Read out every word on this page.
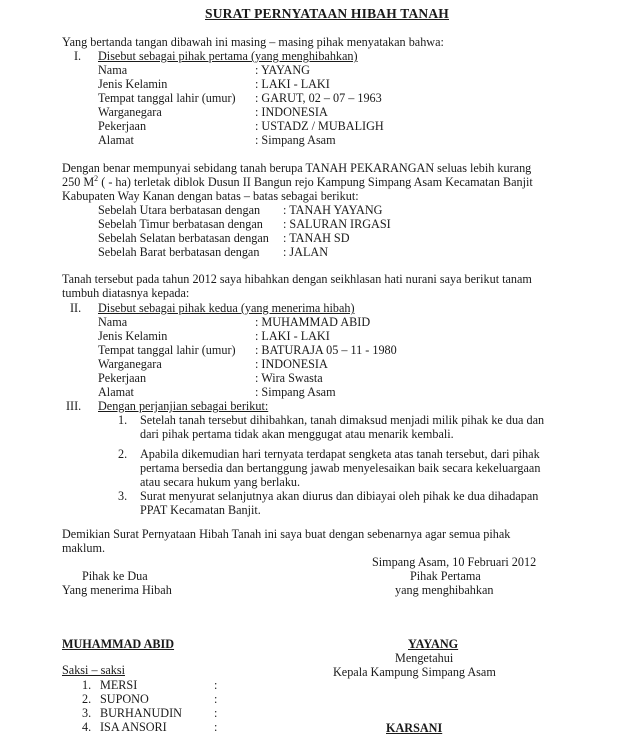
SURAT PERNYATAAN HIBAH TANAH
Yang bertanda tangan dibawah ini masing – masing pihak menyatakan bahwa:
I. Disebut sebagai pihak pertama (yang menghibahkan)
Nama	: YAYANG
Jenis Kelamin	: LAKI - LAKI
Tempat tanggal lahir (umur) : GARUT, 02 – 07 – 1963
Warganegara	: INDONESIA
Pekerjaan	: USTADZ / MUBALIGH
Alamat	: Simpang Asam
Dengan benar mempunyai sebidang tanah berupa TANAH PEKARANGAN seluas lebih kurang
250 $M^2$ ( - ha) terletak diblok Dusun II Bangun rejo Kampung Simpang Asam Kecamatan Banjit
Kabupaten Way Kanan dengan batas – batas sebagai berikut:
Sebelah Utara berbatasan dengan : TANAH YAYANG
Sebelah Timur berbatasan dengan : SALURAN IRGASI
Sebelah Selatan berbatasan dengan : TANAH SD
Sebelah Barat berbatasan dengan : JALAN
Tanah tersebut pada tahun 2012 saya hibahkan dengan seikhlasan hati nurani saya berikut tanam
tumbuh diatasnya kepada:
II. Disebut sebagai pihak kedua (yang menerima hibah)
Nama	: MUHAMMAD ABID
Jenis Kelamin	: LAKI - LAKI
Tempat tanggal lahir (umur) : BATURAJA 05 – 11 - 1980
Warganegara	: INDONESIA
Pekerjaan	: Wira Swasta
Alamat	: Simpang Asam
III. Dengan perjanjian sebagai berikut:
1. Setelah tanah tersebut dihibahkan, tanah dimaksud menjadi milik pihak ke dua dan
dari pihak pertama tidak akan menggugat atau menarik kembali.
2. Apabila dikemudian hari ternyata terdapat sengketa atas tanah tersebut, dari pihak
pertama bersedia dan bertanggung jawab menyelesaikan baik secara kekeluargaan
atau secara hukum yang berlaku.
3. Surat menyurat selanjutnya akan diurus dan dibiayai oleh pihak ke dua dihadapan
PPAT Kecamatan Banjit.
Demikian Surat Pernyataan Hibah Tanah ini saya buat dengan sebenarnya agar semua pihak
maklum.
Simpang Asam, 10 Februari 2012
Pihak ke Dua
Yang menerima Hibah
Pihak Pertama
yang menghibahkan
MUHAMMAD ABID	YAYANG
Mengetahui
Kepala Kampung Simpang Asam
KARSANI
Saksi – saksi
1. MERSI	:
2. SUPONO	:
3. BURHANUDIN	:
4. ISA ANSORI	:
